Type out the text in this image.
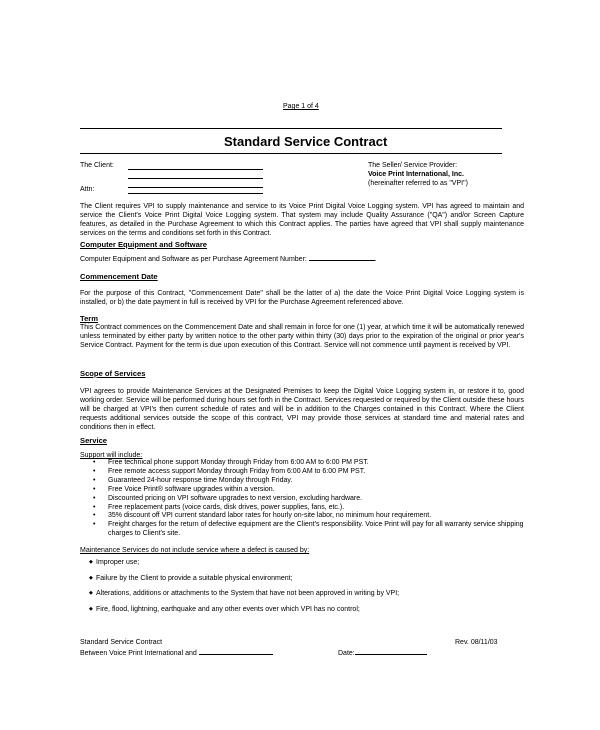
Page 1 of 4
Standard Service Contract
The Client:
Attn:
The Seller/ Service Provider:
Voice Print International, Inc.
(hereinafter referred to as "VPI")

The Client requires VPI to supply maintenance and service to its Voice Print Digital Voice Logging system. VPI has agreed to maintain and service the Client's Voice Print Digital Voice Logging system. That system may include Quality Assurance ("QA") and/or Screen Capture features, as detailed in the Purchase Agreement to which this Contract applies. The parties have agreed that VPI shall supply maintenance services on the terms and conditions set forth in this Contract.

Computer Equipment and Software
Computer Equipment and Software as per Purchase Agreement Number:	.
Commencement Date

For the purpose of this Contract, "Commencement Date" shall be the latter of a) the date the Voice Print Digital Voice Logging system is installed, or b) the date payment in full is received by VPI for the Purchase Agreement referenced above.

Term

This Contract commences on the Commencement Date and shall remain in force for one (1) year, at which time it will be automatically renewed unless terminated by either party by written notice to the other party within thirty (30) days prior to the expiration of the original or prior year's Service Contract. Payment for the term is due upon execution of this Contract. Service will not commence until payment is received by VPI.

Scope of Services

VPI agrees to provide Maintenance Services at the Designated Premises to keep the Digital Voice Logging system in, or restore it to, good working order. Service will be performed during hours set forth in the Contract. Services requested or required by the Client outside these hours will be charged at VPI's then current schedule of rates and will be in addition to the Charges contained in this Contract. Where the Client requests additional services outside the scope of this contract, VPI may provide those services at standard time and material rates and conditions then in effect.

Service
Support will include:
• Free technical phone support Monday through Friday from 6:00 AM to 6:00 PM PST.
• Free remote access support Monday through Friday from 6:00 AM to 6:00 PM PST.
• Guaranteed 24-hour response time Monday through Friday.
• Free Voice Print® software upgrades within a version.
• Discounted pricing on VPI software upgrades to next version, excluding hardware.
• Free replacement parts (voice cards, disk drives, power supplies, fans, etc.).
• 35% discount off VPI current standard labor rates for hourly on-site labor, no minimum hour requirement.
• Freight charges for the return of defective equipment are the Client's responsibility. Voice Print will pay for all warranty service shipping charges to Client's site.
Maintenance Services do not include service where a defect is caused by:
◆ Improper use;
◆ Failure by the Client to provide a suitable physical environment;
◆ Alterations, additions or attachments to the System that have not been approved in writing by VPI;
◆ Fire, flood, lightning, earthquake and any other events over which VPI has no control;
Standard Service Contract	Rev. 08/11/03
Between Voice Print International and	Date:
